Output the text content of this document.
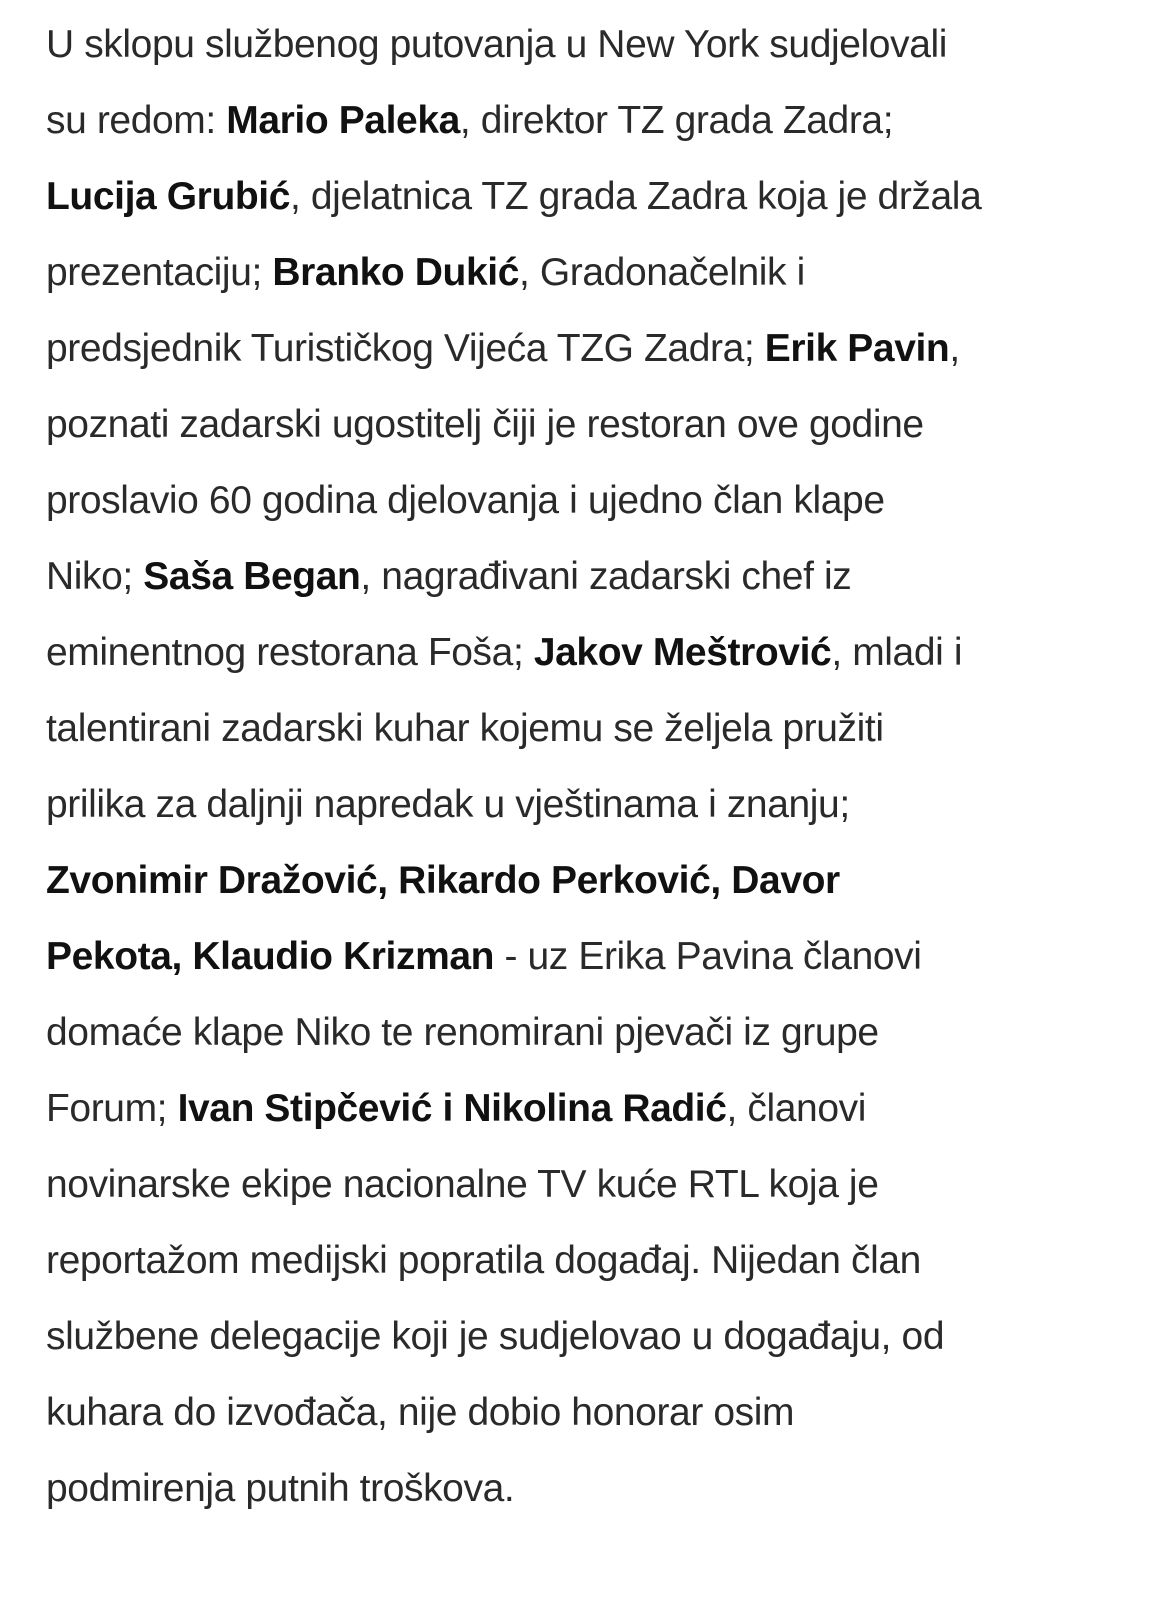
U sklopu službenog putovanja u New York sudjelovali
su redom: Mario Paleka, direktor TZ grada Zadra;
Lucija Grubić, djelatnica TZ grada Zadra koja je držala
prezentaciju; Branko Dukić, Gradonačelnik i
predsjednik Turističkog Vijeća TZG Zadra; Erik Pavin,
poznati zadarski ugostitelj čiji je restoran ove godine
proslavio 60 godina djelovanja i ujedno član klape
Niko; Saša Began, nagrađivani zadarski chef iz
eminentnog restorana Foša; Jakov Meštrović, mladi i
talentirani zadarski kuhar kojemu se željela pružiti
prilika za daljnji napredak u vještinama i znanju;
Zvonimir Dražović, Rikardo Perković, Davor
Pekota, Klaudio Krizman - uz Erika Pavina članovi
domaće klape Niko te renomirani pjevači iz grupe
Forum; Ivan Stipčević i Nikolina Radić, članovi
novinarske ekipe nacionalne TV kuće RTL koja je
reportažom medijski popratila događaj. Nijedan član
službene delegacije koji je sudjelovao u događaju, od
kuhara do izvođača, nije dobio honorar osim
podmirenja putnih troškova.
